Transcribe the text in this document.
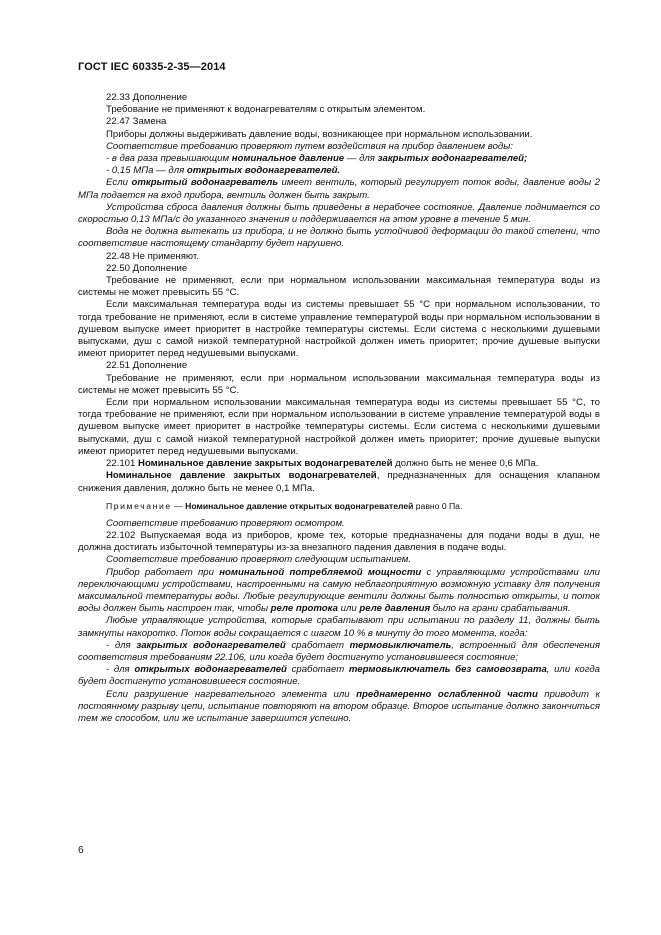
ГОСТ IEC 60335-2-35—2014

22.33 Дополнение

Требование не применяют к водонагревателям с открытым элементом.

22.47 Замена

Приборы должны выдерживать давление воды, возникающее при нормальном использовании.

Соответствие требованию проверяют путем воздействия на прибор давлением воды:

- в два раза превышающим номинальное давление — для закрытых водонагревателей;

- 0,15 МПа — для открытых водонагревателей.

Если открытый водонагреватель имеет вентиль, который регулирует поток воды, давление воды 2 МПа подается на вход прибора, вентиль должен быть закрыт.

Устройства сброса давления должны быть приведены в нерабочее состояние. Давление поднимается со скоростью 0,13 МПа/с до указанного значения и поддерживается на этом уровне в течение 5 мин.

Вода не должна вытекать из прибора, и не должно быть устойчивой деформации до такой степени, что соответствие настоящему стандарту будет нарушено.

22.48 Не применяют.

22.50 Дополнение

Требование не применяют, если при нормальном использовании максимальная температура воды из системы не может превысить 55 °С.

Если максимальная температура воды из системы превышает 55 °С при нормальном использовании, то тогда требование не применяют, если в системе управление температурой воды при нормальном использовании в душевом выпуске имеет приоритет в настройке температуры системы. Если система с несколькими душевыми выпусками, душ с самой низкой температурной настройкой должен иметь приоритет; прочие душевые выпуски имеют приоритет перед недушевыми выпусками.

22.51 Дополнение

Требование не применяют, если при нормальном использовании максимальная температура воды из системы не может превысить 55 °С.

Если при нормальном использовании максимальная температура воды из системы превышает 55 °С, то тогда требование не применяют, если при нормальном использовании в системе управление температурой воды в душевом выпуске имеет приоритет в настройке температуры системы. Если система с несколькими душевыми выпусками, душ с самой низкой температурной настройкой должен иметь приоритет; прочие душевые выпуски имеют приоритет перед недушевыми выпусками.

22.101 Номинальное давление закрытых водонагревателей должно быть не менее 0,6 МПа.

Номинальное давление закрытых водонагревателей, предназначенных для оснащения клапаном снижения давления, должно быть не менее 0,1 МПа.

Примечание — Номинальное давление открытых водонагревателей равно 0 Па.

Соответствие требованию проверяют осмотром.

22.102 Выпускаемая вода из приборов, кроме тех, которые предназначены для подачи воды в душ, не должна достигать избыточной температуры из-за внезапного падения давления в подаче воды.

Соответствие требованию проверяют следующим испытанием.

Прибор работает при номинальной потребляемой мощности с управляющими устройствами или переключающими устройствами, настроенными на самую неблагоприятную возможную уставку для получения максимальной температуры воды. Любые регулирующие вентили должны быть полностью открыты, и поток воды должен быть настроен так, чтобы реле протока или реле давления было на грани срабатывания.

Любые управляющие устройства, которые срабатывают при испытании по разделу 11, должны быть замкнуты накоротко. Поток воды сокращается с шагом 10 % в минуту до того момента, когда:

- для закрытых водонагревателей сработает термовыключатель, встроенный для обеспечения соответствия требованиям 22.106, или когда будет достигнуто установившееся состояние;

- для открытых водонагревателей сработает термовыключатель без самовозврата, или когда будет достигнуто установившееся состояние.

Если разрушение нагревательного элемента или преднамеренно ослабленной части приводит к постоянному разрыву цепи, испытание повторяют на втором образце. Второе испытание должно закончиться тем же способом, или же испытание завершится успешно.

6
